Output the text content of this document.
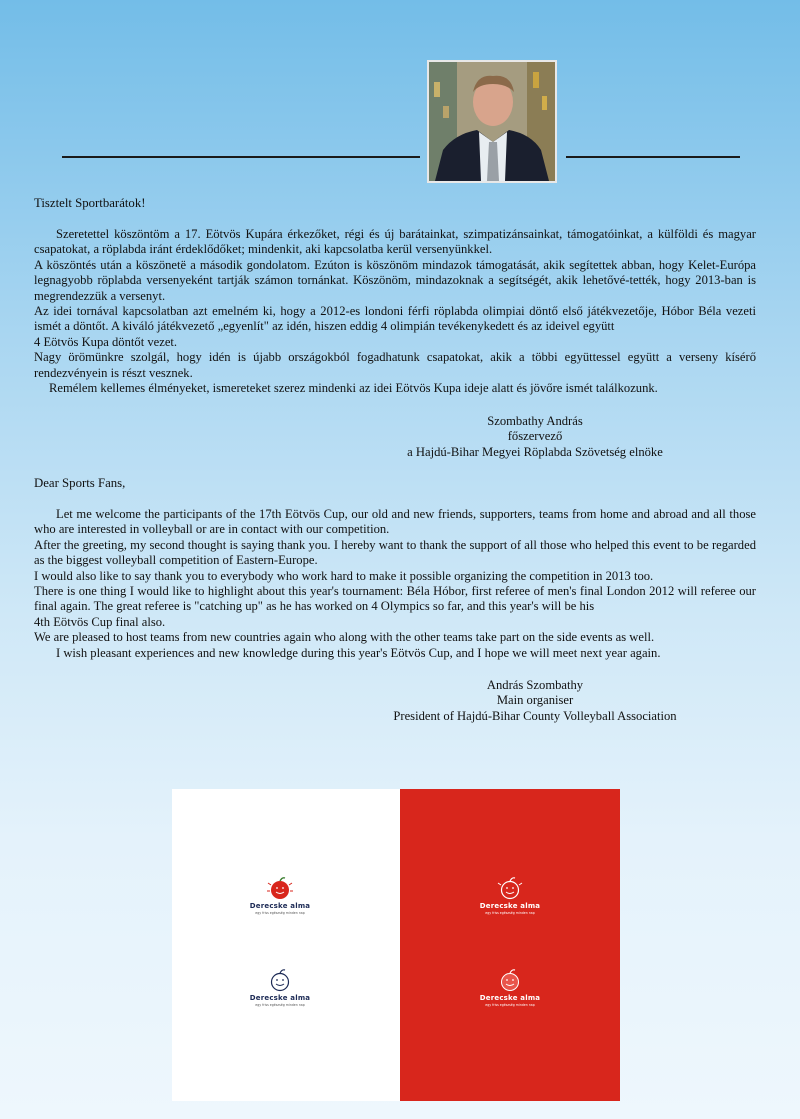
Tisztelt Sportbarátok!

Szeretettel köszöntöm a 17. Eötvös Kupára érkezőket, régi és új barátainkat, szimpatizánsainkat, támogatóinkat, a külföldi és magyar csapatokat, a röplabda iránt érdeklődőket; mindenkit, aki kapcsolatba kerül versenyünkkel.

A köszöntés után a köszönetë a második gondolatom. Ezúton is köszönöm mindazok támogatását, akik segítettek abban, hogy Kelet-Európa legnagyobb röplabda versenyeként tartják számon tornánkat. Köszönöm, mindazoknak a segítségét, akik lehetővé-tették, hogy 2013-ban is megrendezzük a versenyt.

Az idei tornával kapcsolatban azt emelném ki, hogy a 2012-es londoni férfi röplabda olimpiai döntő első játékvezetője, Hóbor Béla vezeti ismét a döntőt. A kiváló játékvezető „egyenlít" az idén, hiszen eddig 4 olimpián tevékenykedett és az ideivel együtt

4 Eötvös Kupa döntőt vezet.

Nagy örömünkre szolgál, hogy idén is újabb országokból fogadhatunk csapatokat, akik a többi együttessel együtt a verseny kísérő rendezvényein is részt vesznek.

Remélem kellemes élményeket, ismereteket szerez mindenki az idei Eötvös Kupa ideje alatt és jövőre ismét találkozunk.

Szombathy András

főszervező

a Hajdú-Bihar Megyei Röplabda Szövetség elnöke

Dear Sports Fans,

Let me welcome the participants of the 17th Eötvös Cup, our old and new friends, supporters, teams from home and abroad and all those who are interested in volleyball or are in contact with our competition.

After the greeting, my second thought is saying thank you. I hereby want to thank the support of all those who helped this event to be regarded as the biggest volleyball competition of Eastern-Europe.

I would also like to say thank you to everybody who work hard to make it possible organizing the competition in 2013 too.

There is one thing I would like to highlight about this year's tournament: Béla Hóbor, first referee of men's final London 2012 will referee our final again. The great referee is "catching up" as he has worked on 4 Olympics so far, and this year's will be his

4th Eötvös Cup final also.

We are pleased to host teams from new countries again who along with the other teams take part on the side events as well.

I wish pleasant experiences and new knowledge during this year's Eötvös Cup, and I hope we will meet next year again.

András Szombathy

Main organiser

President of Hajdú-Bihar County Volleyball Association

Derecske alma
egy friss egészség minden nap
Derecske alma
egy friss egészség minden nap
Derecske alma
egy friss egészség minden nap
Derecske alma
egy friss egészség minden nap
